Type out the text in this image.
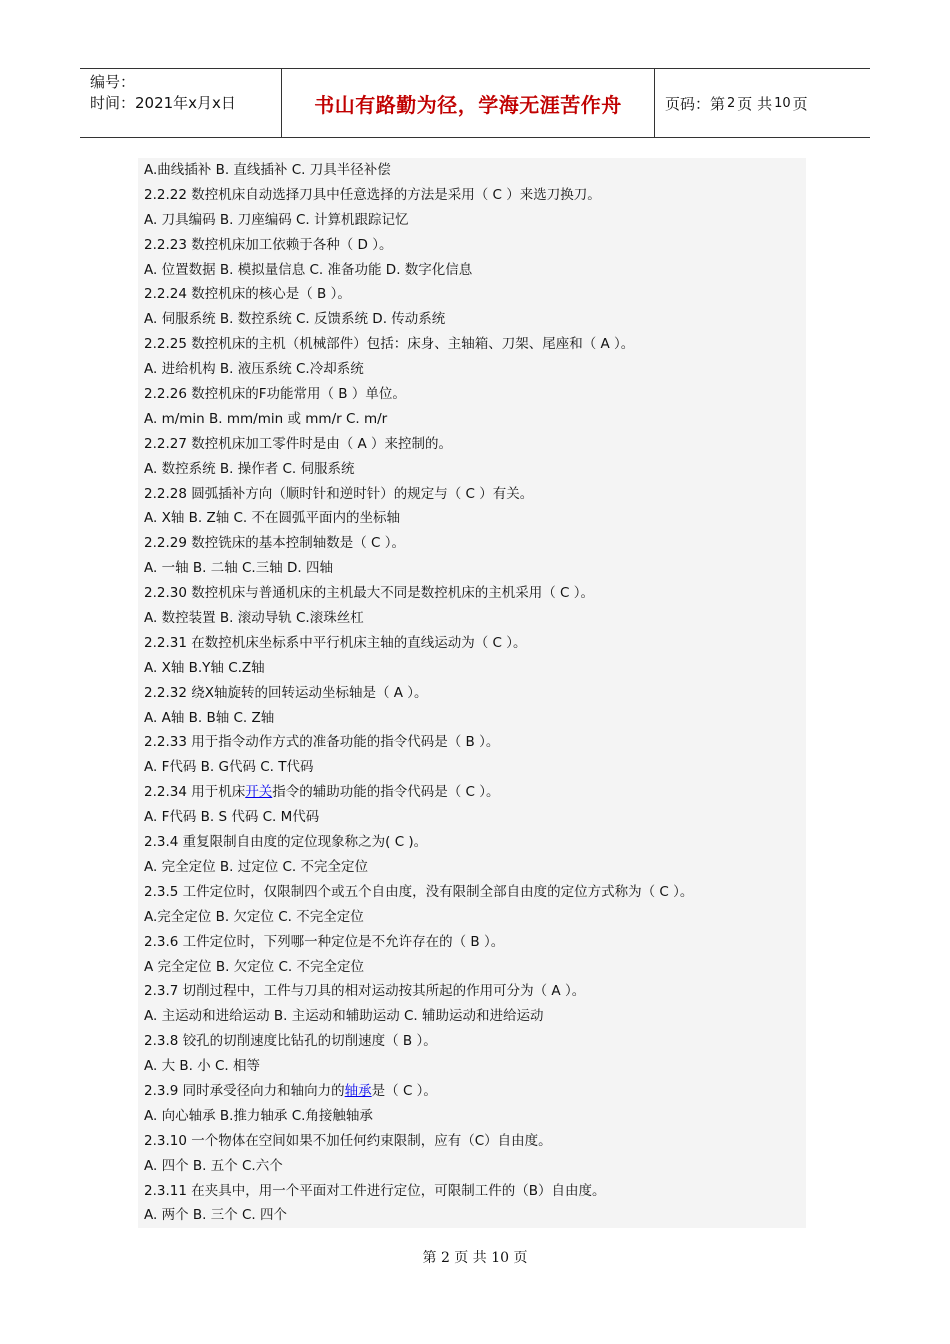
编号：
时间：2021年x月x日	书山有路勤为径，学海无涯苦作舟	页码：第 2 页 共 10 页
A.曲线插补 B. 直线插补 C. 刀具半径补偿
2.2.22 数控机床自动选择刀具中任意选择的方法是采用（ C ）来选刀换刀。
A. 刀具编码 B. 刀座编码 C. 计算机跟踪记忆
2.2.23 数控机床加工依赖于各种（ D ）。
A. 位置数据 B. 模拟量信息 C. 准备功能 D. 数字化信息
2.2.24 数控机床的核心是（ B ）。
A. 伺服系统 B. 数控系统 C. 反馈系统 D. 传动系统
2.2.25 数控机床的主机（机械部件）包括：床身、主轴箱、刀架、尾座和（ A ）。
A. 进给机构 B. 液压系统 C.冷却系统
2.2.26 数控机床的F功能常用（ B ）单位。
A. m/min B. mm/min 或 mm/r C. m/r
2.2.27 数控机床加工零件时是由（ A ）来控制的。
A. 数控系统 B. 操作者 C. 伺服系统
2.2.28 圆弧插补方向（顺时针和逆时针）的规定与（ C ）有关。
A. X轴 B. Z轴 C. 不在圆弧平面内的坐标轴
2.2.29 数控铣床的基本控制轴数是（ C ）。
A. 一轴 B. 二轴 C.三轴 D. 四轴
2.2.30 数控机床与普通机床的主机最大不同是数控机床的主机采用（ C ）。
A. 数控装置 B. 滚动导轨 C.滚珠丝杠
2.2.31 在数控机床坐标系中平行机床主轴的直线运动为（ C ）。
A. X轴 B.Y轴 C.Z轴
2.2.32 绕X轴旋转的回转运动坐标轴是（ A ）。
A. A轴 B. B轴 C. Z轴
2.2.33 用于指令动作方式的准备功能的指令代码是（ B ）。
A. F代码 B. G代码 C. T代码
2.2.34 用于机床开关指令的辅助功能的指令代码是（ C ）。
A. F代码 B. S 代码 C. M代码
2.3.4 重复限制自由度的定位现象称之为( C )。
A. 完全定位 B. 过定位 C. 不完全定位
2.3.5 工件定位时，仅限制四个或五个自由度，没有限制全部自由度的定位方式称为（ C ）。
A.完全定位 B. 欠定位 C. 不完全定位
2.3.6 工件定位时，下列哪一种定位是不允许存在的（ B ）。
A 完全定位 B. 欠定位 C. 不完全定位
2.3.7 切削过程中，工件与刀具的相对运动按其所起的作用可分为（ A ）。
A. 主运动和进给运动 B. 主运动和辅助运动 C. 辅助运动和进给运动
2.3.8 铰孔的切削速度比钻孔的切削速度（ B ）。
A. 大 B. 小 C. 相等
2.3.9 同时承受径向力和轴向力的轴承是（ C ）。
A. 向心轴承 B.推力轴承 C.角接触轴承
2.3.10 一个物体在空间如果不加任何约束限制，应有（C）自由度。
A. 四个 B. 五个 C.六个
2.3.11 在夹具中，用一个平面对工件进行定位，可限制工件的（B）自由度。
A. 两个 B. 三个 C. 四个
第 2 页 共 10 页
